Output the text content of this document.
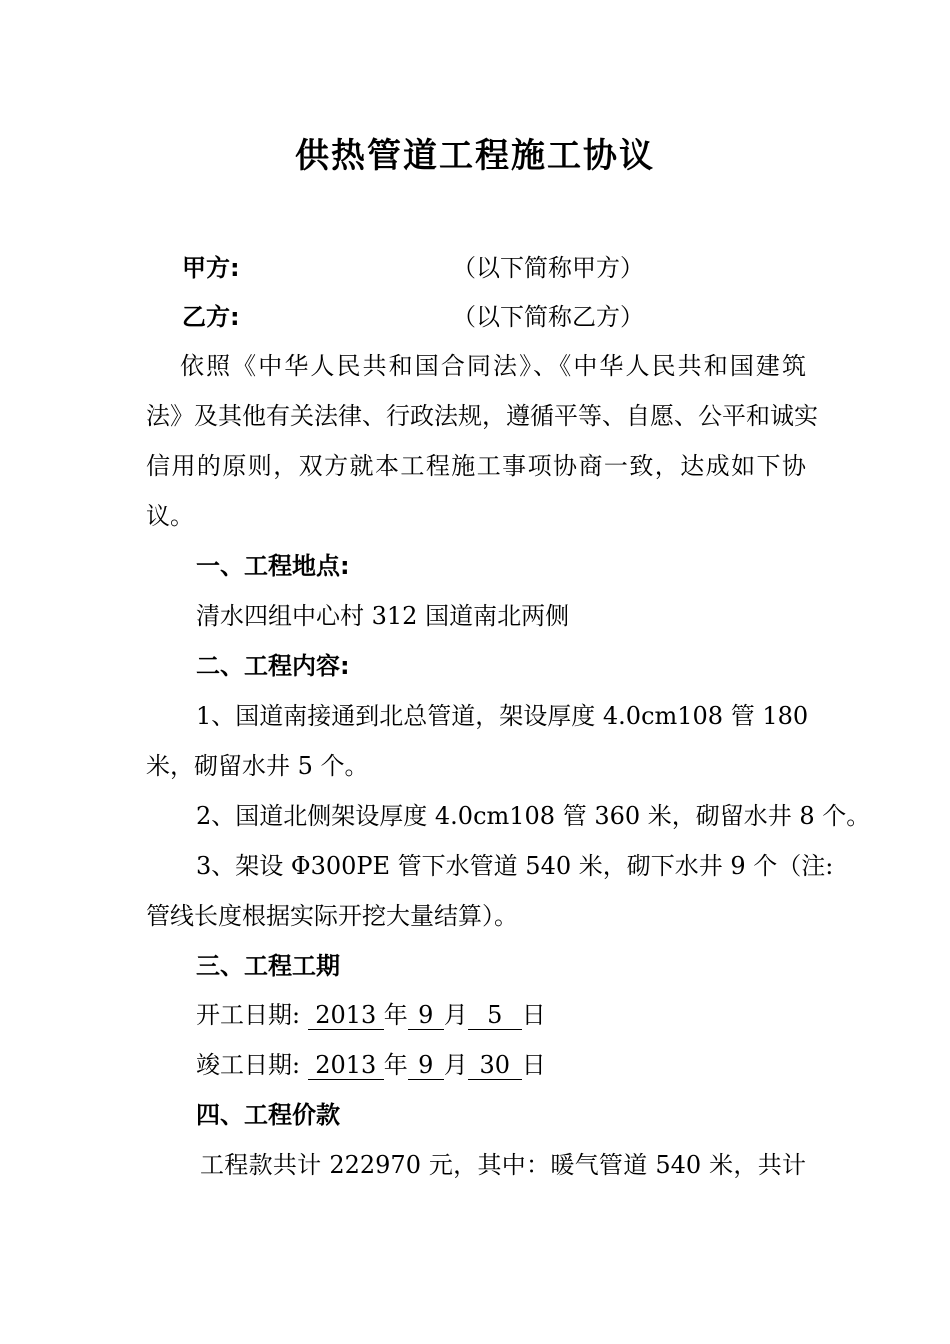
供热管道工程施工协议
甲方:	（以下简称甲方）
乙方:	（以下简称乙方）
依照《中华人民共和国合同法》、《中华人民共和国建筑
法》及其他有关法律、行政法规，遵循平等、自愿、公平和诚实
信用的原则，双方就本工程施工事项协商一致，达成如下协
议。
一、工程地点:
清水四组中心村 312 国道南北两侧
二、工程内容:
1、国道南接通到北总管道，架设厚度 4.0cm108 管 180
米，砌留水井 5 个。
2、国道北侧架设厚度 4.0cm108 管 360 米，砌留水井 8 个。
3、架设 Φ300PE 管下水管道 540 米，砌下水井 9 个（注:
管线长度根据实际开挖大量结算）。
三、工程工期
开工日期: 2013 年 9 月 5 日
竣工日期: 2013 年 9 月 30 日
四、工程价款
工程款共计 222970 元，其中：暖气管道 540 米，共计
